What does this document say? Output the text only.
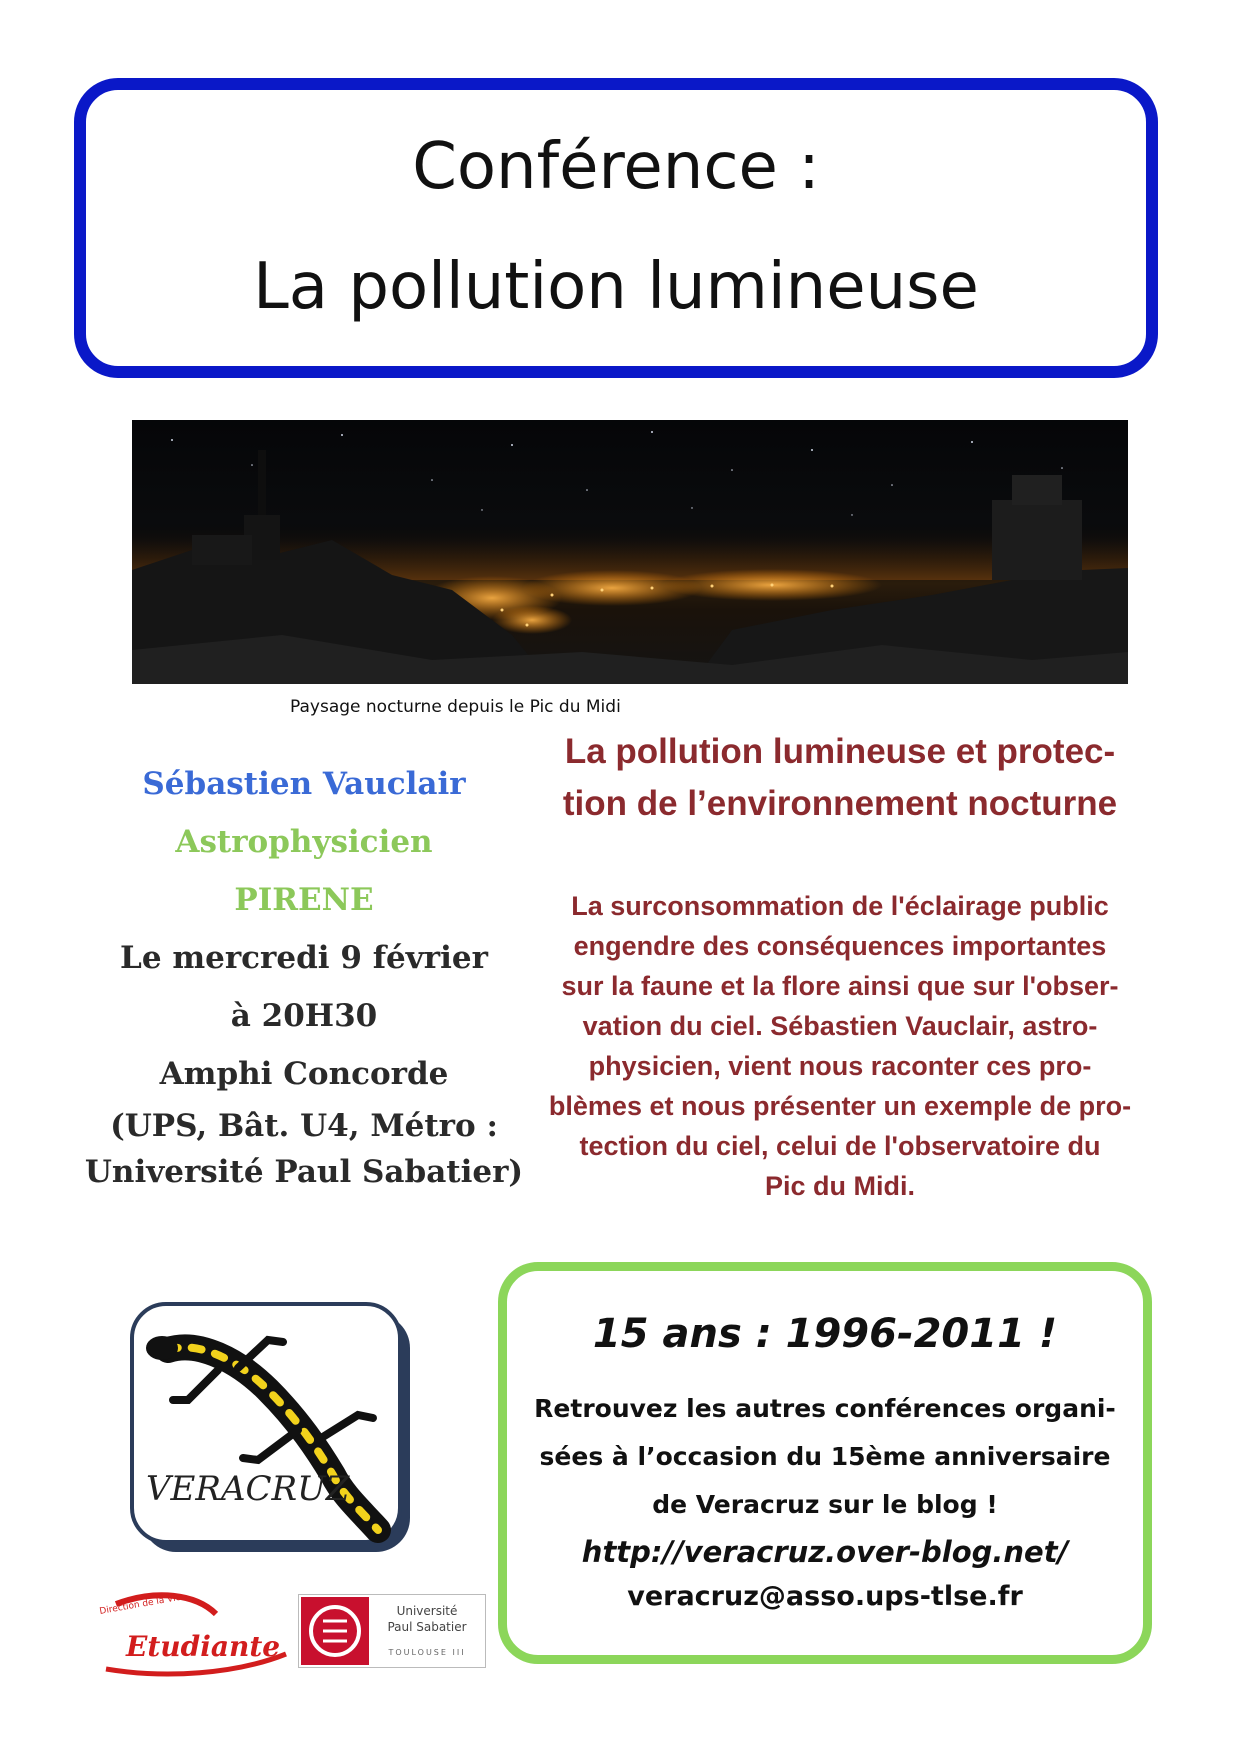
Conférence :
La pollution lumineuse
Paysage nocturne depuis le Pic du Midi
Sébastien Vauclair
Astrophysicien
PIRENE
Le mercredi 9 février
à 20H30
Amphi Concorde
(UPS, Bât. U4, Métro :
Université Paul Sabatier)
La pollution lumineuse et protec-
tion de l’environnement nocturne
La surconsommation de l'éclairage public
engendre des conséquences importantes
sur la faune et la flore ainsi que sur l'obser-
vation du ciel. Sébastien Vauclair, astro-
physicien, vient nous raconter ces pro-
blèmes et nous présenter un exemple de pro-
tection du ciel, celui de l'observatoire du
Pic du Midi.
VERACRUZ
Direction de la Vie
Etudiante
Université
Paul Sabatier
TOULOUSE III
15 ans : 1996-2011 !
Retrouvez les autres conférences organi-
sées à l’occasion du 15ème anniversaire
de Veracruz sur le blog !
http://veracruz.over-blog.net/
veracruz@asso.ups-tlse.fr
